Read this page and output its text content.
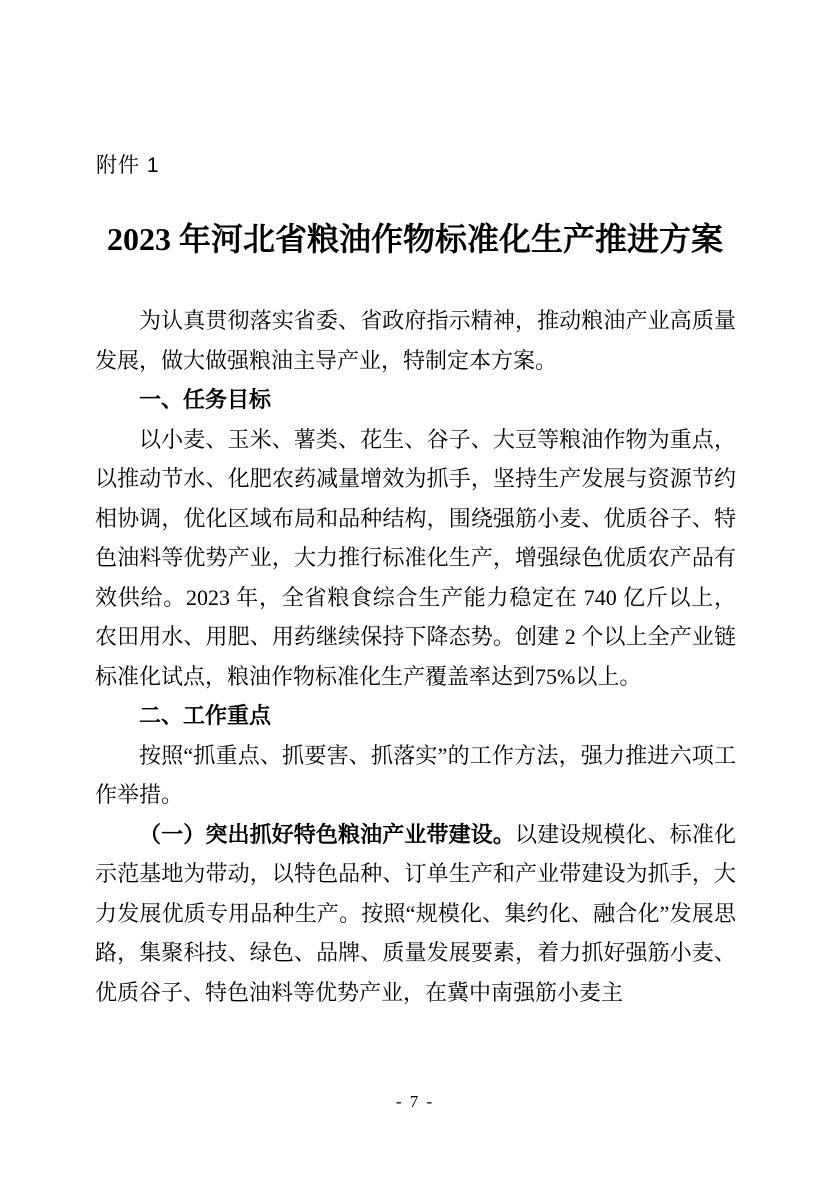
附件 1
2023 年河北省粮油作物标准化生产推进方案

为认真贯彻落实省委、省政府指示精神，推动粮油产业高质量发展，做大做强粮油主导产业，特制定本方案。

一、任务目标

以小麦、玉米、薯类、花生、谷子、大豆等粮油作物为重点，以推动节水、化肥农药减量增效为抓手，坚持生产发展与资源节约相协调，优化区域布局和品种结构，围绕强筋小麦、优质谷子、特色油料等优势产业，大力推行标准化生产，增强绿色优质农产品有效供给。2023 年，全省粮食综合生产能力稳定在 740 亿斤以上，农田用水、用肥、用药继续保持下降态势。创建 2 个以上全产业链标准化试点，粮油作物标准化生产覆盖率达到75%以上。

二、工作重点

按照“抓重点、抓要害、抓落实”的工作方法，强力推进六项工作举措。

（一）突出抓好特色粮油产业带建设。以建设规模化、标准化示范基地为带动，以特色品种、订单生产和产业带建设为抓手，大力发展优质专用品种生产。按照“规模化、集约化、融合化”发展思路，集聚科技、绿色、品牌、质量发展要素，着力抓好强筋小麦、优质谷子、特色油料等优势产业，在冀中南强筋小麦主

- 7 -
